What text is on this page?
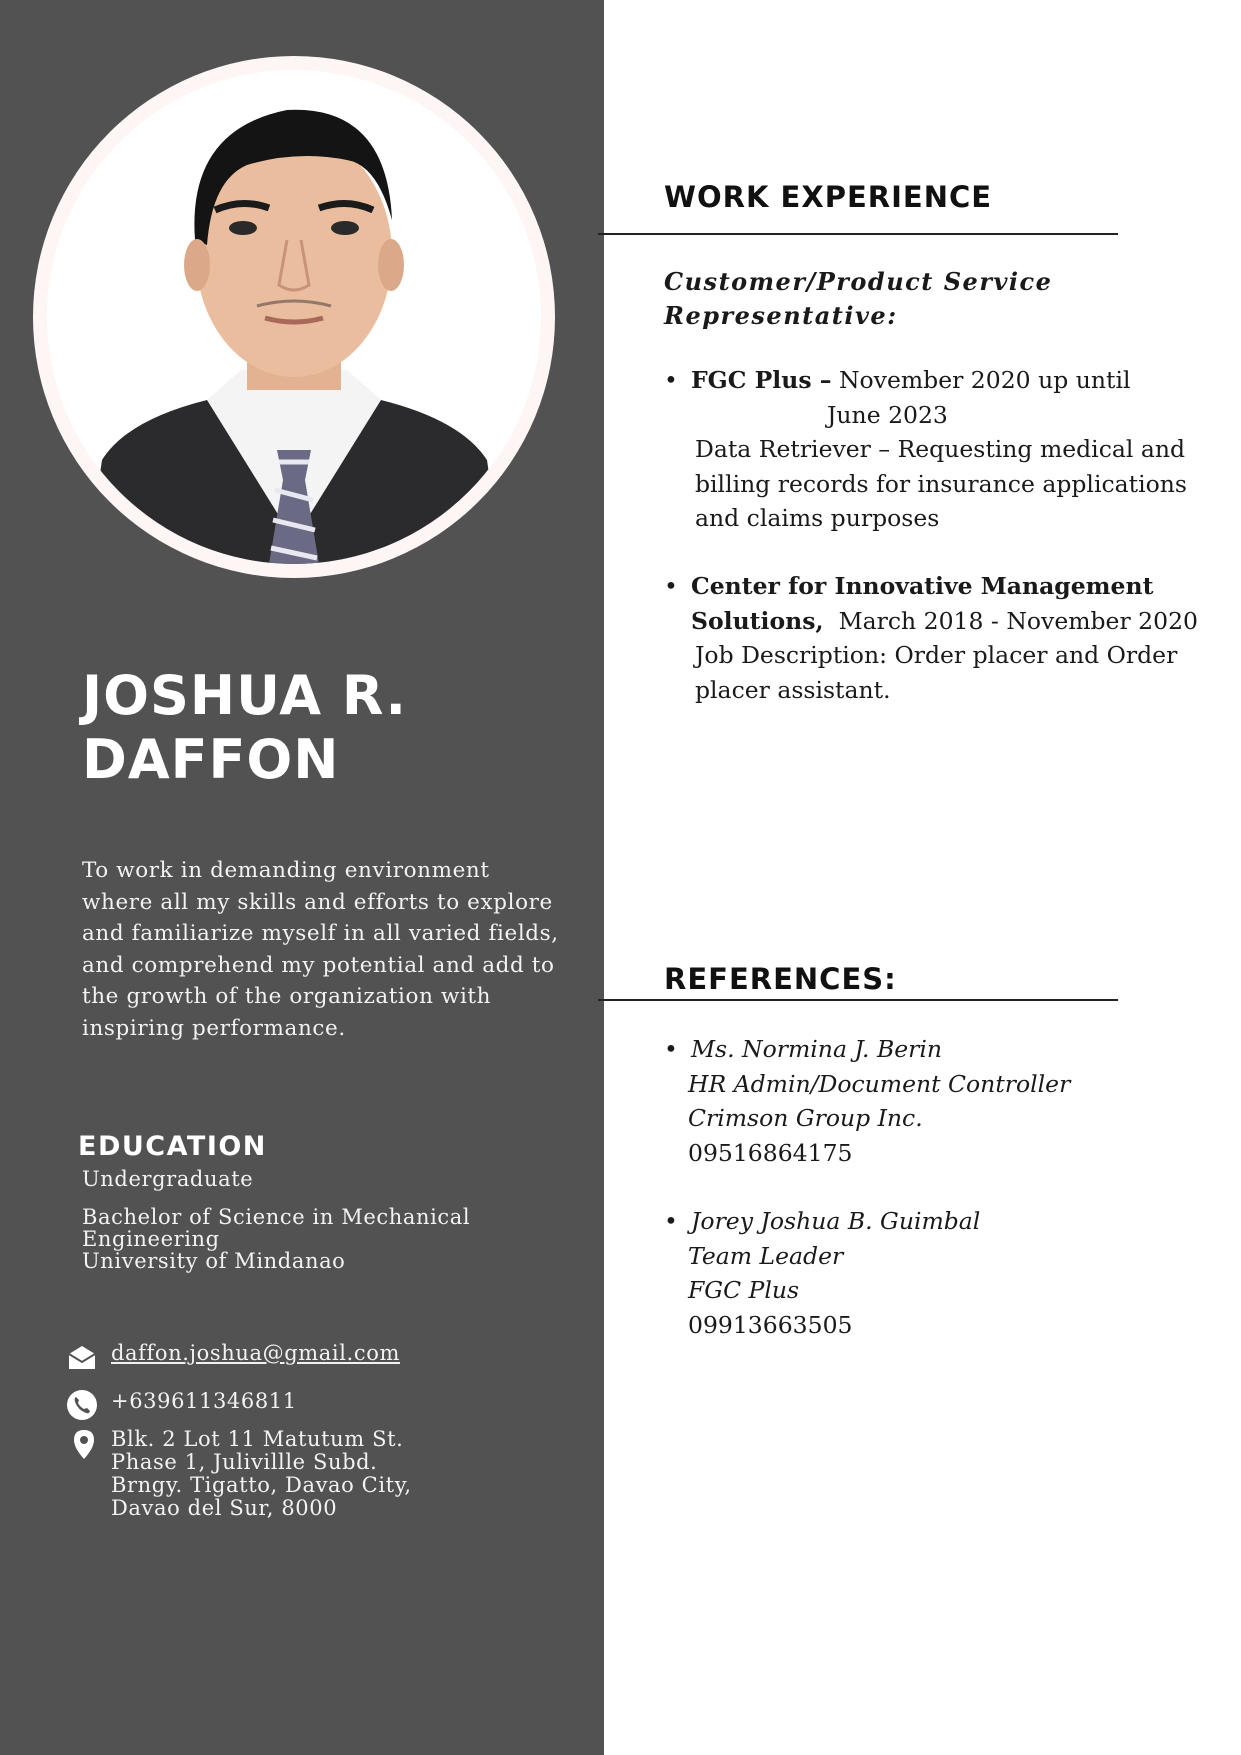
JOSHUA R.
DAFFON

To work in demanding environment where all my skills and efforts to explore and familiarize myself in all varied fields, and comprehend my potential and add to the growth of the organization with inspiring performance.

EDUCATION
Undergraduate
Bachelor of Science in Mechanical
Engineering
University of Mindanao
daffon.joshua@gmail.com
+639611346811
Blk. 2 Lot 11 Matutum St.
Phase 1, Julivillle Subd.
Brngy. Tigatto, Davao City,
Davao del Sur, 8000
WORK EXPERIENCE
Customer/Product Service
Representative:
• FGC Plus – November 2020 up until
June 2023
Data Retriever – Requesting medical and
billing records for insurance applications
and claims purposes
• Center for Innovative Management
Solutions, March 2018 - November 2020
Job Description: Order placer and Order
placer assistant.
REFERENCES:
• Ms. Normina J. Berin
HR Admin/Document Controller
Crimson Group Inc.
09516864175
• Jorey Joshua B. Guimbal
Team Leader
FGC Plus
09913663505
